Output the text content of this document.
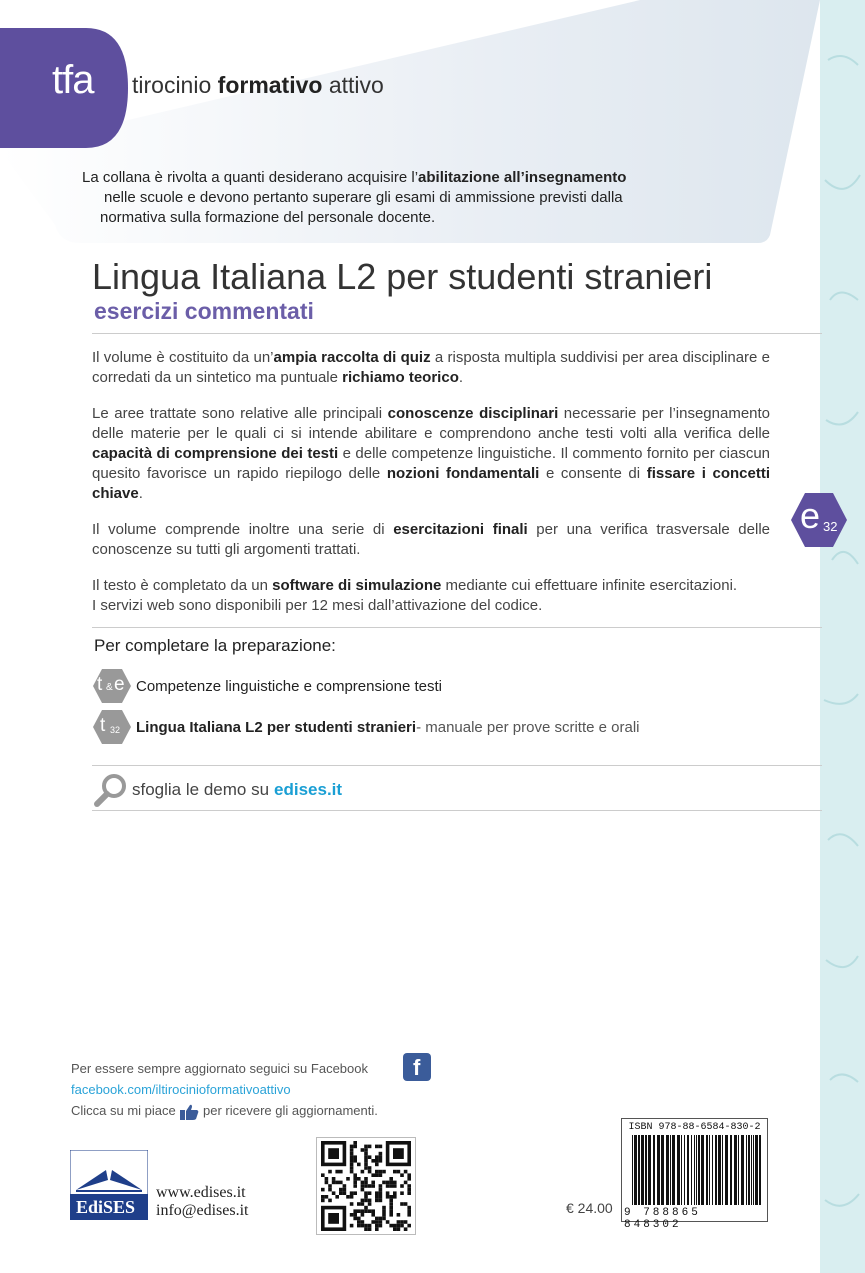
tfa tirocinio formativo attivo
La collana è rivolta a quanti desiderano acquisire l’abilitazione all’insegnamento
nelle scuole e devono pertanto superare gli esami di ammissione previsti dalla
normativa sulla formazione del personale docente.
Lingua Italiana L2 per studenti stranieri
esercizi commentati
Il volume è costituito da un’ampia raccolta di quiz a risposta multipla suddivisi per area disciplinare e corredati da un sintetico ma puntuale richiamo teorico.
Le aree trattate sono relative alle principali conoscenze disciplinari necessarie per l’insegnamento delle materie per le quali ci si intende abilitare e comprendono anche testi volti alla verifica delle capacità di comprensione dei testi e delle competenze linguistiche. Il commento fornito per ciascun quesito favorisce un rapido riepilogo delle nozioni fondamentali e consente di fissare i concetti chiave.
Il volume comprende inoltre una serie di esercitazioni finali per una verifica trasversale delle conoscenze su tutti gli argomenti trattati.
Il testo è completato da un software di simulazione mediante cui effettuare infinite esercitazioni.
I servizi web sono disponibili per 12 mesi dall’attivazione del codice.
e 32
Per completare la preparazione:
t & e Competenze linguistiche e comprensione testi
t 32 Lingua Italiana L2 per studenti stranieri - manuale per prove scritte e orali
sfoglia le demo su edises.it
Per essere sempre aggiornato seguici su Facebook
facebook.com/iltirocinioformativoattivo
Clicca su mi piace per ricevere gli aggiornamenti.
f
EdiSES
www.edises.it
info@edises.it	€ 24.00
ISBN 978-88-6584-830-2
9 788865 848302
